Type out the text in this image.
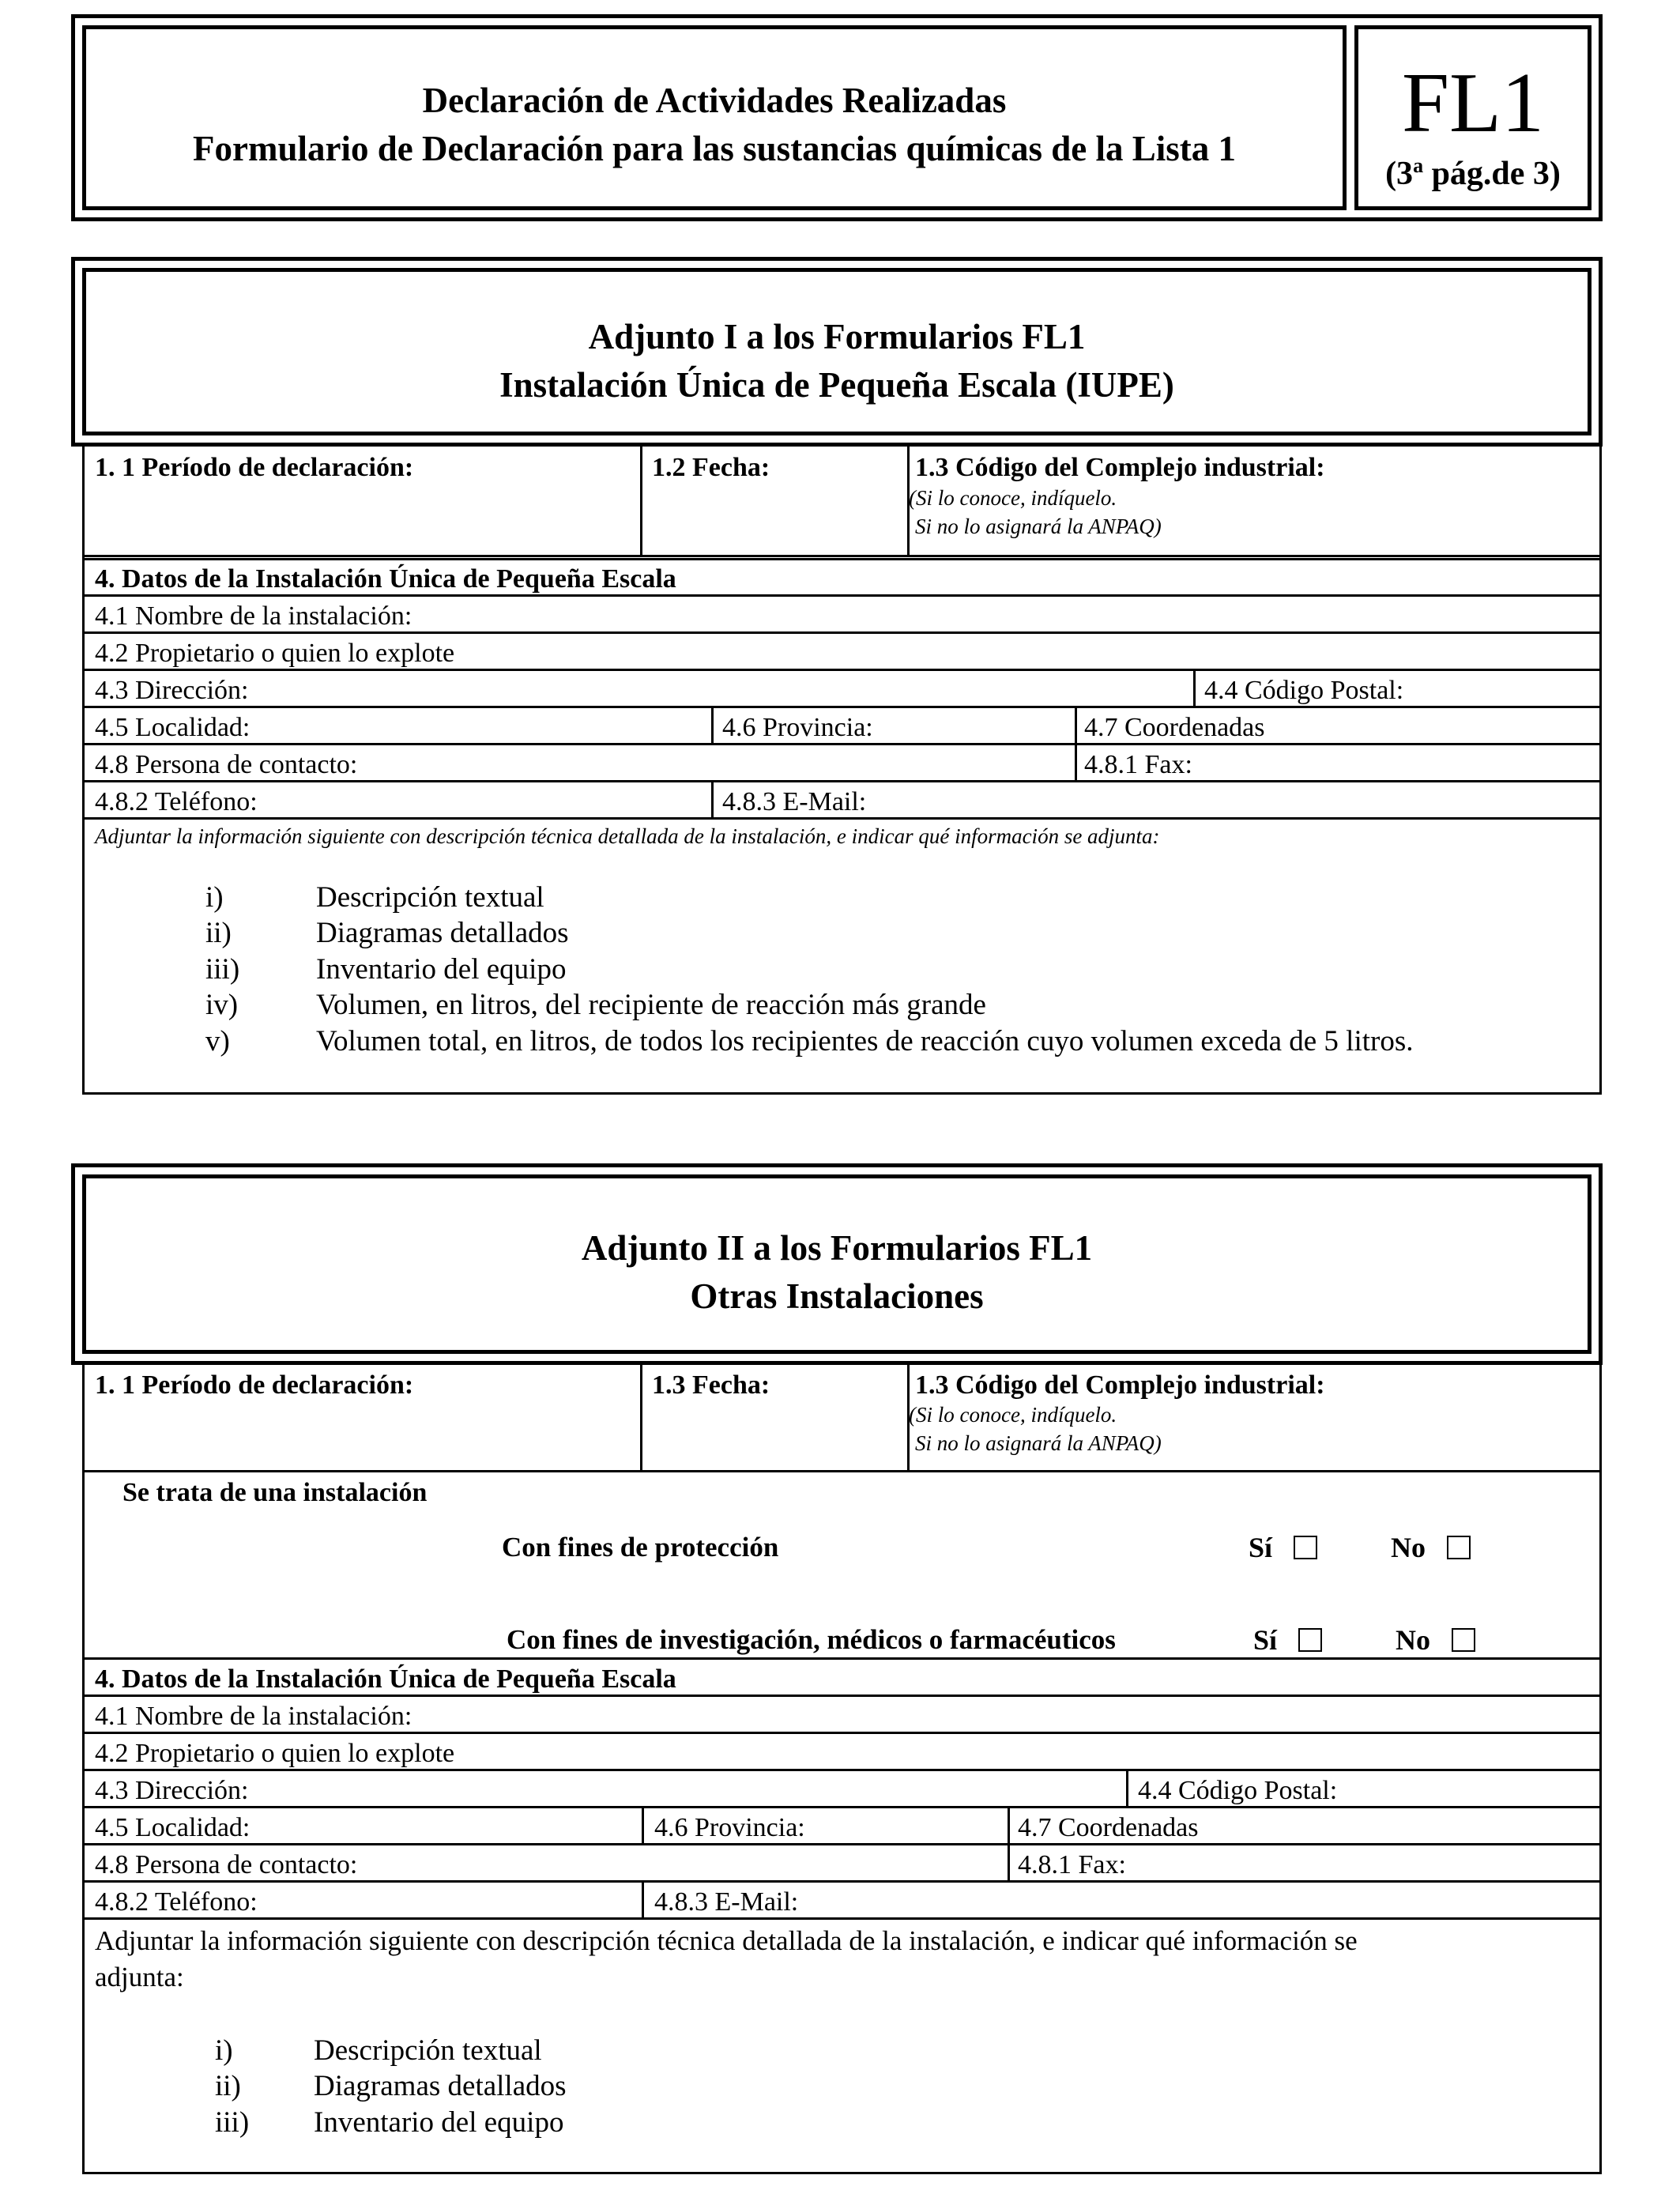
Declaración de Actividades Realizadas
Formulario de Declaración para las sustancias químicas de la Lista 1	FL1
(3$^a$ pág.de 3)
Adjunto I a los Formularios FL1
Instalación Única de Pequeña Escala (IUPE)
1. 1 Período de declaración:	1.2 Fecha:	1.3 Código del Complejo industrial:
(Si lo conoce, indíquelo.
Si no lo asignará la ANPAQ)
4. Datos de la Instalación Única de Pequeña Escala
4.1 Nombre de la instalación:
4.2 Propietario o quien lo explote
4.3 Dirección:	4.4 Código Postal:
4.5 Localidad:	4.6 Provincia:	4.7 Coordenadas
4.8 Persona de contacto:	4.8.1 Fax:
4.8.2 Teléfono:	4.8.3 E-Mail:
Adjuntar la información siguiente con descripción técnica detallada de la instalación, e indicar qué información se adjunta:
i)	Descripción textual
ii)	Diagramas detallados
iii)	Inventario del equipo
iv)	Volumen, en litros, del recipiente de reacción más grande
v)	Volumen total, en litros, de todos los recipientes de reacción cuyo volumen exceda de 5 litros.
Adjunto II a los Formularios FL1
Otras Instalaciones
1. 1 Período de declaración:	1.3 Fecha:	1.3 Código del Complejo industrial:
(Si lo conoce, indíquelo.
Si no lo asignará la ANPAQ)
Se trata de una instalación
Con fines de protección	Sí	No
Con fines de investigación, médicos o farmacéuticos	Sí	No
4. Datos de la Instalación Única de Pequeña Escala
4.1 Nombre de la instalación:
4.2 Propietario o quien lo explote
4.3 Dirección:	4.4 Código Postal:
4.5 Localidad:	4.6 Provincia:	4.7 Coordenadas
4.8 Persona de contacto:	4.8.1 Fax:
4.8.2 Teléfono:	4.8.3 E-Mail:
Adjuntar la información siguiente con descripción técnica detallada de la instalación, e indicar qué información se
adjunta:
i)	Descripción textual
ii) Diagramas detallados
iii) Inventario del equipo
